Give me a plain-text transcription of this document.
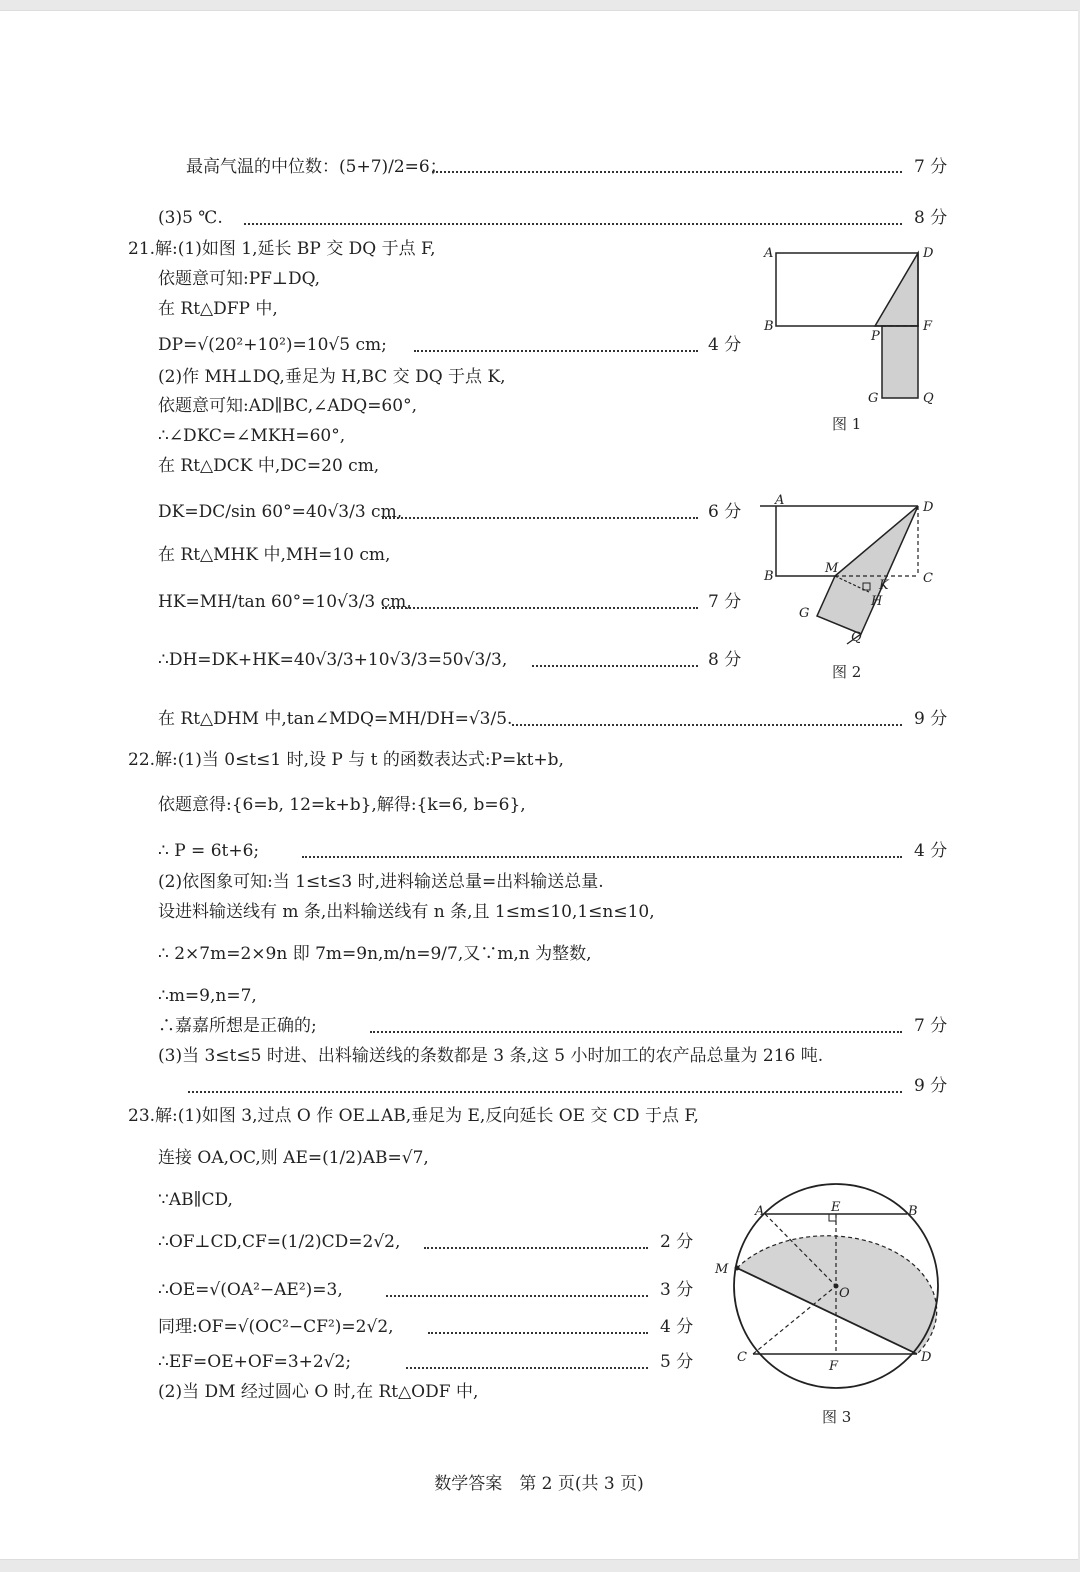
最高气温的中位数：(5+7)/2=6；	7 分
(3)5 ℃.	8 分
21.解:(1)如图 1,延长 BP 交 DQ 于点 F,
依题意可知:PF⊥DQ,
在 Rt△DFP 中,
DP=√(20²+10²)=10√5 cm;	4 分
(2)作 MH⊥DQ,垂足为 H,BC 交 DQ 于点 K,
依题意可知:AD∥BC,∠ADQ=60°,
∴∠DKC=∠MKH=60°,
在 Rt△DCK 中,DC=20 cm,
DK=DC/sin 60°=40√3/3 cm,	6 分
在 Rt△MHK 中,MH=10 cm,
HK=MH/tan 60°=10√3/3 cm,	7 分
∴DH=DK+HK=40√3/3+10√3/3=50√3/3,	8 分
在 Rt△DHM 中,tan∠MDQ=MH/DH=√3/5.	9 分
22.解:(1)当 0≤t≤1 时,设 P 与 t 的函数表达式:P=kt+b,
依题意得:{6=b, 12=k+b},解得:{k=6, b=6},
∴ P = 6t+6;	4 分
(2)依图象可知:当 1≤t≤3 时,进料输送总量=出料输送总量.
设进料输送线有 m 条,出料输送线有 n 条,且 1≤m≤10,1≤n≤10,
∴ 2×7m=2×9n 即 7m=9n,m/n=9/7,又∵m,n 为整数,
∴m=9,n=7,
∴嘉嘉所想是正确的;	7 分
(3)当 3≤t≤5 时进、出料输送线的条数都是 3 条,这 5 小时加工的农产品总量为 216 吨.
9 分
23.解:(1)如图 3,过点 O 作 OE⊥AB,垂足为 E,反向延长 OE 交 CD 于点 F,
连接 OA,OC,则 AE=(1/2)AB=√7,
∵AB∥CD,
∴OF⊥CD,CF=(1/2)CD=2√2,	2 分
∴OE=√(OA²−AE²)=3,	3 分
同理:OF=√(OC²−CF²)=2√2,	4 分
∴EF=OE+OF=3+2√2;	5 分
(2)当 DM 经过圆心 O 时,在 Rt△ODF 中,
A	D
B
P
F
G	Q
图 1
A	D
B
M
K	C
H
G
Q
图 2
A	E	B
M
O
C
F
D
图 3
数学答案　第 2 页(共 3 页)
